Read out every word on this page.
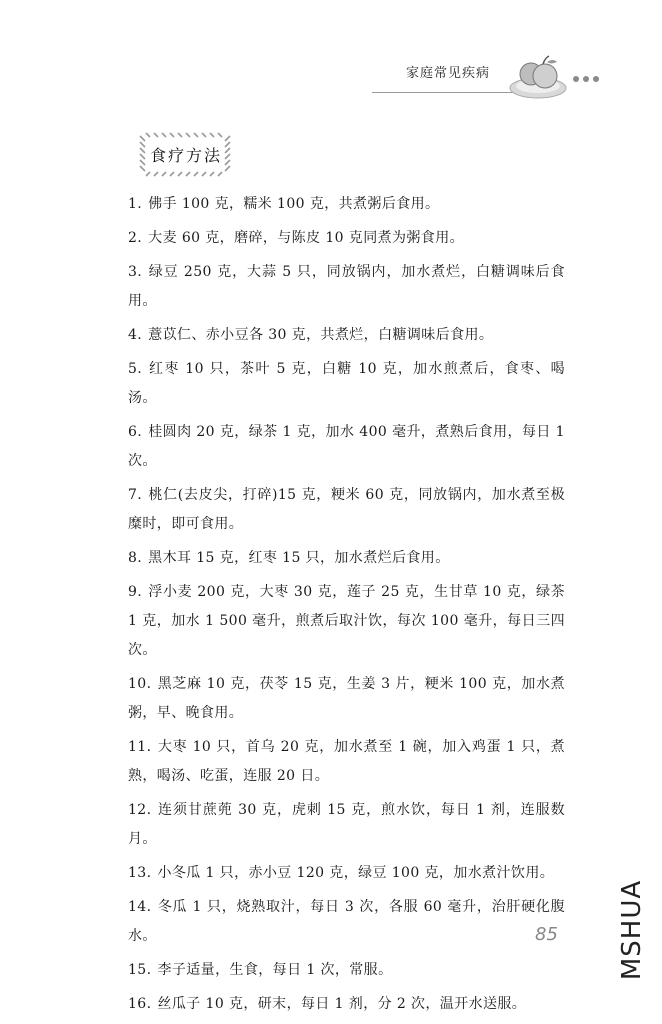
家庭常见疾病
食疗方法

1. 佛手 100 克，糯米 100 克，共煮粥后食用。

2. 大麦 60 克，磨碎，与陈皮 10 克同煮为粥食用。

3. 绿豆 250 克，大蒜 5 只，同放锅内，加水煮烂，白糖调味后食用。

4. 薏苡仁、赤小豆各 30 克，共煮烂，白糖调味后食用。

5. 红枣 10 只，茶叶 5 克，白糖 10 克，加水煎煮后，食枣、喝汤。

6. 桂圆肉 20 克，绿茶 1 克，加水 400 毫升，煮熟后食用，每日 1 次。

7. 桃仁(去皮尖，打碎)15 克，粳米 60 克，同放锅内，加水煮至极糜时，即可食用。

8. 黑木耳 15 克，红枣 15 只，加水煮烂后食用。

9. 浮小麦 200 克，大枣 30 克，莲子 25 克，生甘草 10 克，绿茶 1 克，加水 1 500 毫升，煎煮后取汁饮，每次 100 毫升，每日三四次。

10. 黑芝麻 10 克，茯苓 15 克，生姜 3 片，粳米 100 克，加水煮粥，早、晚食用。

11. 大枣 10 只，首乌 20 克，加水煮至 1 碗，加入鸡蛋 1 只，煮熟，喝汤、吃蛋，连服 20 日。

12. 连须甘蔗蔸 30 克，虎刺 15 克，煎水饮，每日 1 剂，连服数月。

13. 小冬瓜 1 只，赤小豆 120 克，绿豆 100 克，加水煮汁饮用。

14. 冬瓜 1 只，烧熟取汁，每日 3 次，各服 60 毫升，治肝硬化腹水。

15. 李子适量，生食，每日 1 次，常服。

16. 丝瓜子 10 克，研末，每日 1 剂，分 2 次，温开水送服。

85 MSHUA
